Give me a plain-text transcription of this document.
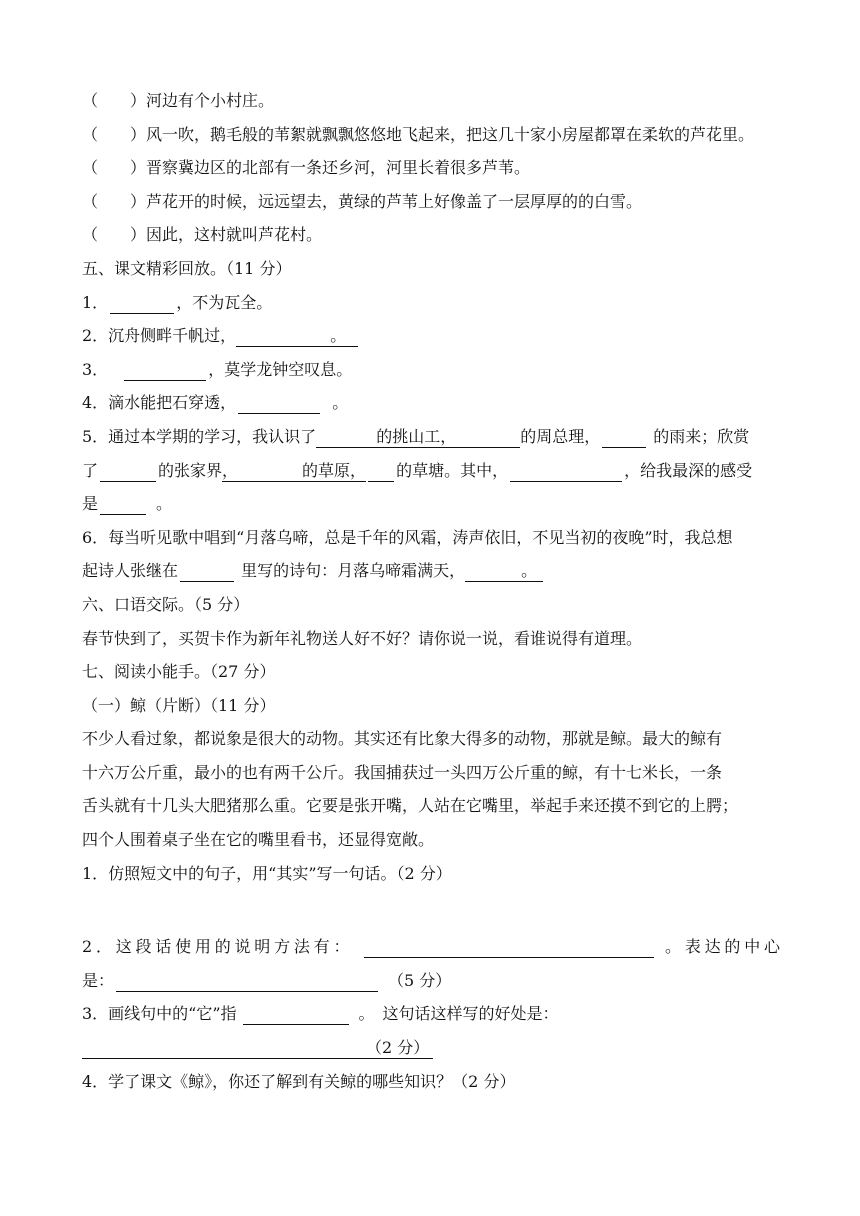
（　　）河边有个小村庄。
（　　）风一吹，鹅毛般的苇絮就飘飘悠悠地飞起来，把这几十家小房屋都罩在柔软的芦花里。
（　　）晋察冀边区的北部有一条还乡河，河里长着很多芦苇。
（　　）芦花开的时候，远远望去，黄绿的芦苇上好像盖了一层厚厚的的白雪。
（　　）因此，这村就叫芦花村。
五、课文精彩回放。（11 分）
1．	，不为瓦全。
2．沉舟侧畔千帆过，	。
3．	，莫学龙钟空叹息。
4．滴水能把石穿透，	。
5．通过本学期的学习，我认识了	的挑山工，	的周总理，	的雨来；欣赏
了	的张家界，	的草原， 的草塘。其中，	，给我最深的感受
是	。
6．每当听见歌中唱到“月落乌啼，总是千年的风霜，涛声依旧，不见当初的夜晚”时，我总想
起诗人张继在	里写的诗句：月落乌啼霜满天，	。
六、口语交际。（5 分）
春节快到了，买贺卡作为新年礼物送人好不好？请你说一说，看谁说得有道理。
七、阅读小能手。（27 分）
（一）鲸（片断）（11 分）
不少人看过象，都说象是很大的动物。其实还有比象大得多的动物，那就是鲸。最大的鲸有
十六万公斤重，最小的也有两千公斤。我国捕获过一头四万公斤重的鲸，有十七米长，一条
舌头就有十几头大肥猪那么重。它要是张开嘴，人站在它嘴里，举起手来还摸不到它的上腭；
四个人围着桌子坐在它的嘴里看书，还显得宽敞。
1．仿照短文中的句子，用“其实”写一句话。（2 分）
2．这段话使用的说明方法有：	。表达的中心
是：	（5 分）
3．画线句中的“它”指	。　这句话这样写的好处是：
（2 分）
4．学了课文《鲸》，你还了解到有关鲸的哪些知识？（2 分）
